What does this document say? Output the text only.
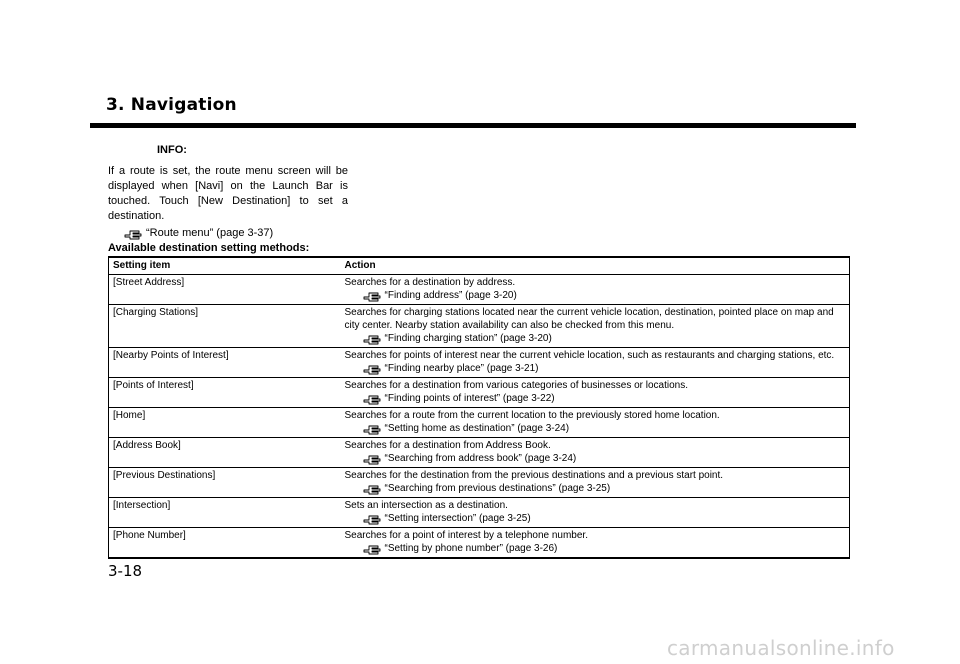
3. Navigation
INFO:
If a route is set, the route menu screen will be displayed when [Navi] on the Launch Bar is touched. Touch [New Destination] to set a destination.
“Route menu” (page 3-37)
Available destination setting methods:
Setting item	Action
[Street Address]	Searches for a destination by address.
“Finding address” (page 3-20)

[Charging Stations]	Searches for charging stations located near the current vehicle location, destination, pointed place on map and city center. Nearby station availability can also be checked from this menu.
“Finding charging station” (page 3-20)

[Nearby Points of Interest]	Searches for points of interest near the current vehicle location, such as restaurants and charging stations, etc.
“Finding nearby place” (page 3-21)

[Points of Interest]	Searches for a destination from various categories of businesses or locations.
“Finding points of interest” (page 3-22)

[Home]	Searches for a route from the current location to the previously stored home location.
“Setting home as destination” (page 3-24)

[Address Book]	Searches for a destination from Address Book.
“Searching from address book” (page 3-24)

[Previous Destinations]	Searches for the destination from the previous destinations and a previous start point.
“Searching from previous destinations” (page 3-25)

[Intersection]	Sets an intersection as a destination.
“Setting intersection” (page 3-25)

[Phone Number]	Searches for a point of interest by a telephone number.
“Setting by phone number” (page 3-26)
3-18
carmanualsonline.info
